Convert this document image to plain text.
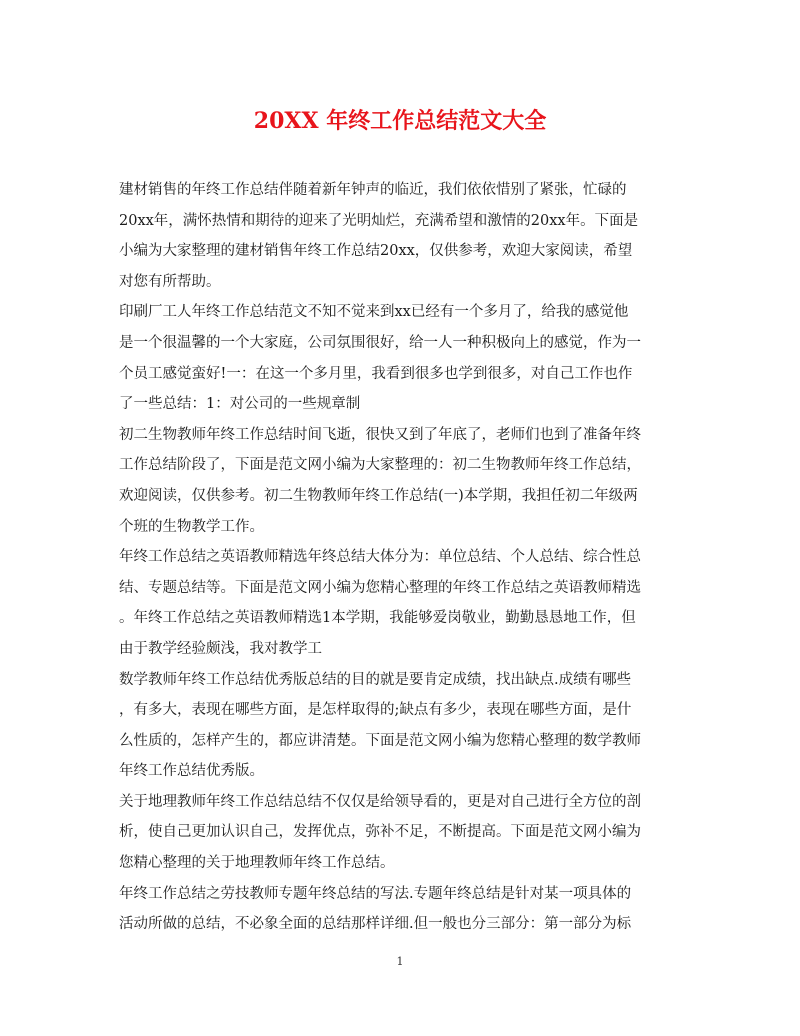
20XX 年终工作总结范文大全
建材销售的年终工作总结伴随着新年钟声的临近，我们依依惜别了紧张，忙碌的
20xx年，满怀热情和期待的迎来了光明灿烂，充满希望和激情的20xx年。下面是
小编为大家整理的建材销售年终工作总结20xx，仅供参考，欢迎大家阅读，希望
对您有所帮助。
印刷厂工人年终工作总结范文不知不觉来到xx已经有一个多月了，给我的感觉他
是一个很温馨的一个大家庭，公司氛围很好，给一人一种积极向上的感觉，作为一
个员工感觉蛮好!一：在这一个多月里，我看到很多也学到很多，对自己工作也作
了一些总结：1：对公司的一些规章制
初二生物教师年终工作总结时间飞逝，很快又到了年底了，老师们也到了准备年终
工作总结阶段了，下面是范文网小编为大家整理的：初二生物教师年终工作总结，
欢迎阅读，仅供参考。初二生物教师年终工作总结(一)本学期，我担任初二年级两
个班的生物教学工作。
年终工作总结之英语教师精选年终总结大体分为：单位总结、个人总结、综合性总
结、专题总结等。下面是范文网小编为您精心整理的年终工作总结之英语教师精选
。年终工作总结之英语教师精选1本学期，我能够爱岗敬业，勤勤恳恳地工作，但
由于教学经验颇浅，我对教学工
数学教师年终工作总结优秀版总结的目的就是要肯定成绩，找出缺点.成绩有哪些
，有多大，表现在哪些方面，是怎样取得的;缺点有多少，表现在哪些方面，是什
么性质的，怎样产生的，都应讲清楚。下面是范文网小编为您精心整理的数学教师
年终工作总结优秀版。
关于地理教师年终工作总结总结不仅仅是给领导看的，更是对自己进行全方位的剖
析，使自己更加认识自己，发挥优点，弥补不足，不断提高。下面是范文网小编为
您精心整理的关于地理教师年终工作总结。
年终工作总结之劳技教师专题年终总结的写法.专题年终总结是针对某一项具体的
活动所做的总结，不必象全面的总结那样详细.但一般也分三部分：第一部分为标
1
